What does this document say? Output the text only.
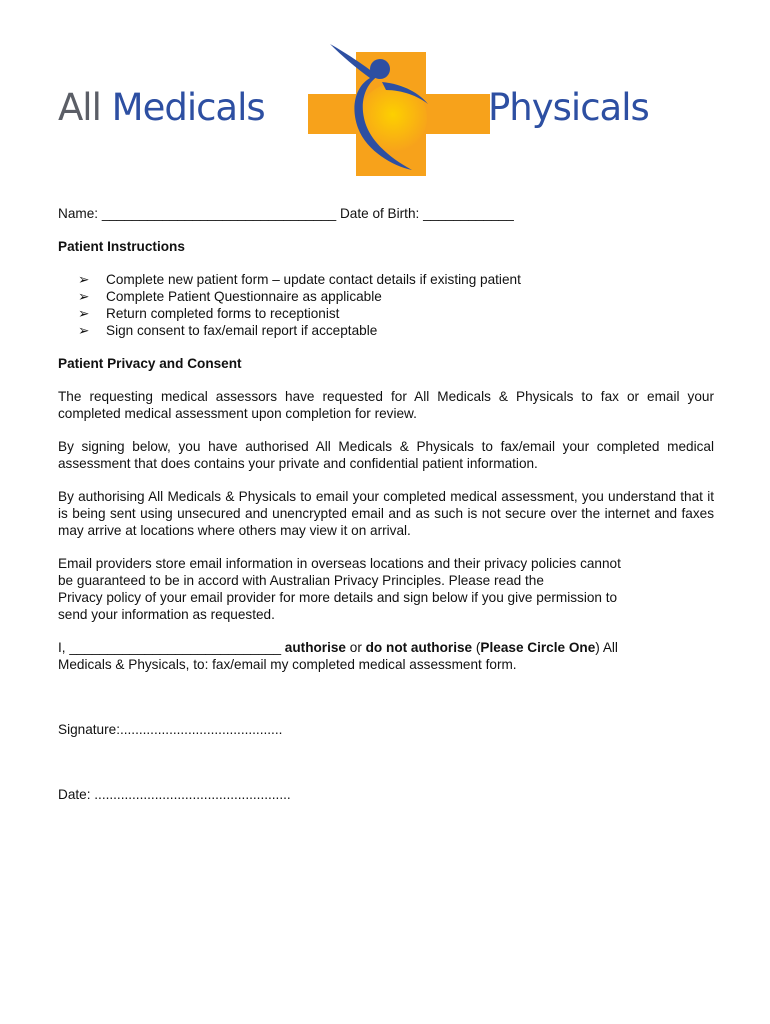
All Medicals	Physicals

Name: _______________________________ Date of Birth: ____________

Patient Instructions

➢	Complete new patient form – update contact details if existing patient
➢	Complete Patient Questionnaire as applicable
➢	Return completed forms to receptionist
➢	Sign consent to fax/email report if acceptable

Patient Privacy and Consent

The requesting medical assessors have requested for All Medicals & Physicals to fax or email your completed medical assessment upon completion for review.

By signing below, you have authorised All Medicals & Physicals to fax/email your completed medical assessment that does contains your private and confidential patient information.

By authorising All Medicals & Physicals to email your completed medical assessment, you understand that it is being sent using unsecured and unencrypted email and as such is not secure over the internet and faxes may arrive at locations where others may view it on arrival.

Email providers store email information in overseas locations and their privacy policies cannot
be guaranteed to be in accord with Australian Privacy Principles. Please read the
Privacy policy of your email provider for more details and sign below if you give permission to
send your information as requested.
I, ____________________________ authorise or do not authorise (Please Circle One) All
Medicals & Physicals, to: fax/email my completed medical assessment form.

Signature:...........................................

Date: ....................................................
